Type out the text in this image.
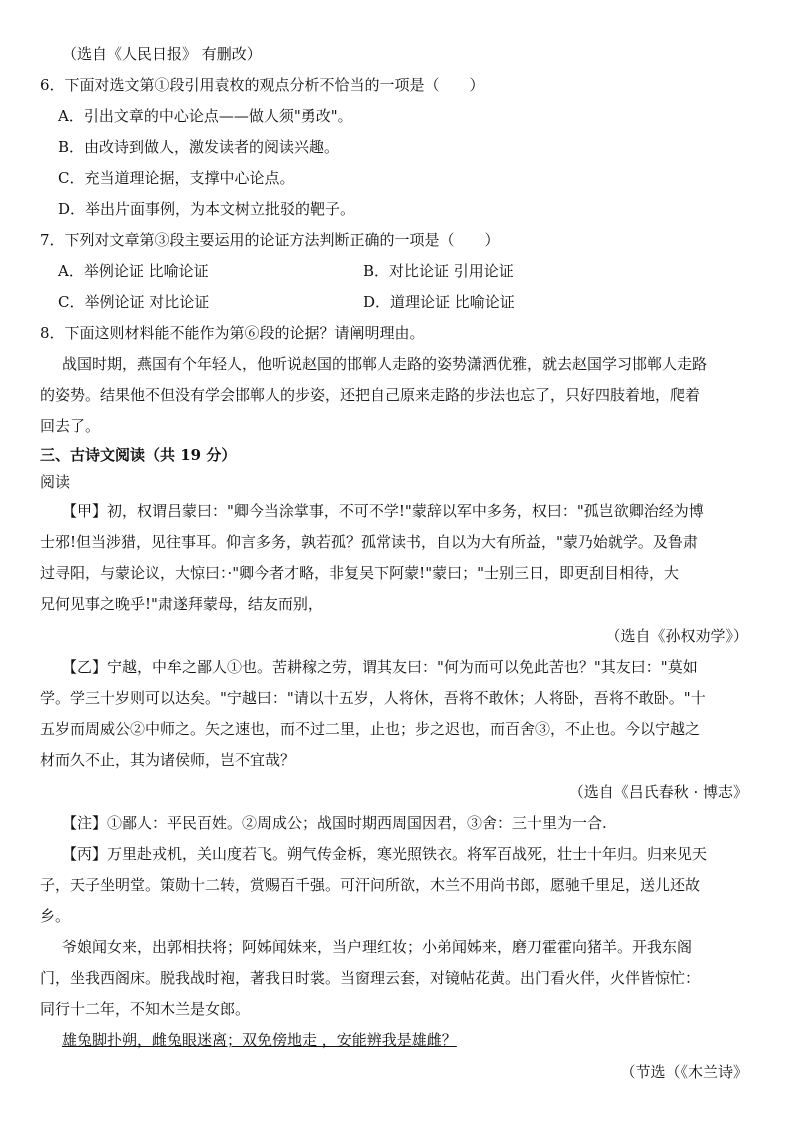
（选自《人民日报》 有删改）
6．下面对选文第①段引用袁枚的观点分析不恰当的一项是（　　）
A．引出文章的中心论点——做人须"勇改"。
B．由改诗到做人，激发读者的阅读兴趣。
C．充当道理论据，支撑中心论点。
D．举出片面事例，为本文树立批驳的靶子。
7．下列对文章第③段主要运用的论证方法判断正确的一项是（　　）
A．举例论证 比喻论证	B．对比论证 引用论证
C．举例论证 对比论证	D．道理论证 比喻论证
8．下面这则材料能不能作为第⑥段的论据？请阐明理由。
战国时期，燕国有个年轻人，他听说赵国的邯郸人走路的姿势潇洒优雅，就去赵国学习邯郸人走路
的姿势。结果他不但没有学会邯郸人的步姿，还把自己原来走路的步法也忘了，只好四肢着地，爬着
回去了。
三、古诗文阅读（共 19 分）
阅读
【甲】初，权谓吕蒙曰："卿今当涂掌事，不可不学!"蒙辞以军中多务，权曰："孤岂欲卿治经为博
士邪!但当涉猎，见往事耳。仰言多务，孰若孤？孤常读书，自以为大有所益，"蒙乃始就学。及鲁肃
过寻阳，与蒙论议，大惊曰：·"卿今者才略，非复吴下阿蒙!"蒙曰；"士别三日，即更刮目相待，大
兄何见事之晚乎!"肃遂拜蒙母，结友而别，
（选自《孙权劝学》）
【乙】宁越，中牟之鄙人①也。苦耕稼之劳，谓其友曰："何为而可以免此苦也？"其友曰："莫如
学。学三十岁则可以达矣。"宁越曰："请以十五岁，人将休，吾将不敢休；人将卧，吾将不敢卧。"十
五岁而周威公②中师之。矢之速也，而不过二里，止也；步之迟也，而百舍③，不止也。今以宁越之
材而久不止，其为诸侯师，岂不宜哉？
（选自《吕氏春秋 · 博志》
【注】①鄙人：平民百姓。②周成公；战国时期西周国因君，③舍：三十里为一合.
【丙】万里赴戎机，关山度若飞。朔气传金柝，寒光照铁衣。将军百战死，壮士十年归。归来见天
子，天子坐明堂。策勋十二转，赏赐百千强。可汗问所欲，木兰不用尚书郎，愿驰千里足，送儿还故
乡。
爷娘闻女来，出郭相扶将；阿姊闻妹来，当户理红妆；小弟闻姊来，磨刀霍霍向猪羊。开我东阁
门，坐我西阁床。脱我战时袍，著我日时裳。当窗理云套，对镜帖花黄。出门看火伴，火伴皆惊忙：
同行十二年，不知木兰是女郎。
雄兔脚扑朔，雌兔眼迷离；双免傍地走 ，安能辨我是雄雌？
（节选（《木兰诗》
